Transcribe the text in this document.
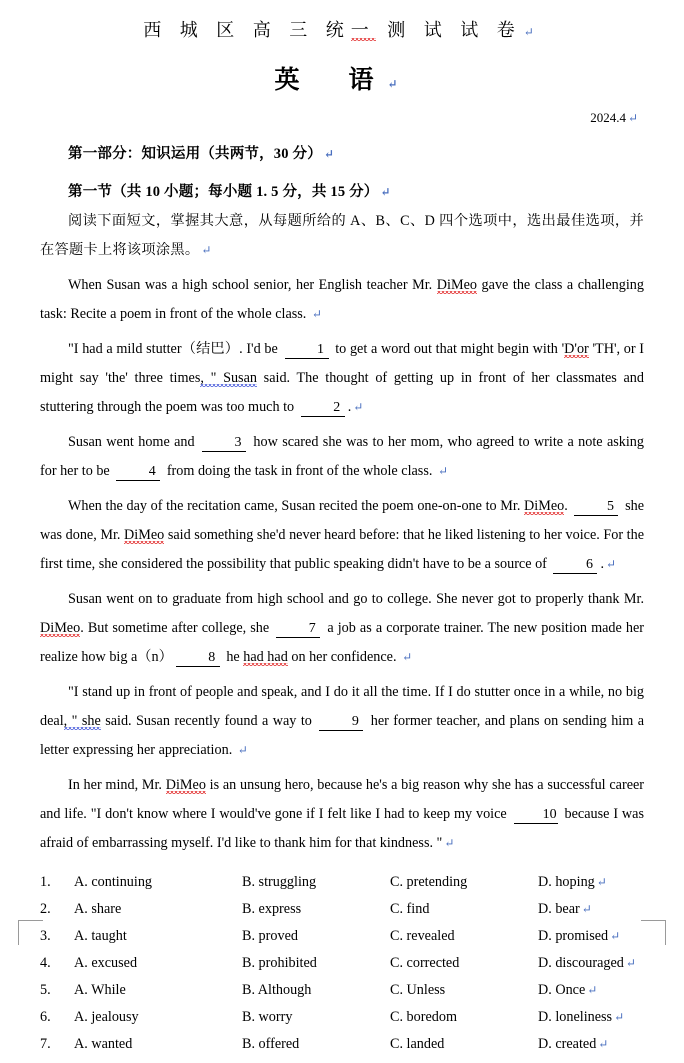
西 城 区 高 三 统一 测 试 试 卷 ↵
英　语 ↵
2024.4 ↵
第一部分：知识运用（共两节，30 分） ↵
第一节（共 10 小题；每小题 1. 5 分，共 15 分） ↵
阅读下面短文，掌握其大意，从每题所给的 A、B、C、D 四个选项中，选出最佳选项，并在答题卡上将该项涂黑。 ↵
When Susan was a high school senior, her English teacher Mr. DiMeo gave the class a challenging task: Recite a poem in front of the whole class. ↵
"I had a mild stutter（结巴）. I'd be	1 to get a word out that might begin with 'D'or 'TH', or I might say 'the' three times, " Susan said. The thought of getting up in front of her classmates and stuttering through the poem was too much to	2 . ↵
Susan went home and	3 how scared she was to her mom, who agreed to write a note asking for her to be	4 from doing the task in front of the whole class. ↵
When the day of the recitation came, Susan recited the poem one-on-one to Mr. DiMeo.	5 she was done, Mr. DiMeo said something she'd never heard before: that he liked listening to her voice. For the first time, she considered the possibility that public speaking didn't have to be a source of	6 . ↵
Susan went on to graduate from high school and go to college. She never got to properly thank Mr. DiMeo. But sometime after college, she	7 a job as a corporate trainer. The new position made her realize how big a（n）	8 he had had on her confidence. ↵
"I stand up in front of people and speak, and I do it all the time. If I do stutter once in a while, no big deal, " she said. Susan recently found a way to	9 her former teacher, and plans on sending him a letter expressing her appreciation. ↵
In her mind, Mr. DiMeo is an unsung hero, because he's a big reason why she has a successful career and life. "I don't know where I would've gone if I felt like I had to keep my voice 10 because I was afraid of embarrassing myself. I'd like to thank him for that kindness. " ↵
1.	A. continuing	B. struggling	C. pretending	D. hoping ↵
2.	A. share	B. express	C. find	D. bear ↵
3.	A. taught	B. proved	C. revealed	D. promised ↵
4.	A. excused	B. prohibited	C. corrected	D. discouraged ↵
5.	A. While	B. Although	C. Unless	D. Once ↵
6.	A. jealousy	B. worry	C. boredom	D. loneliness ↵
7.	A. wanted	B. offered	C. landed	D. created ↵
